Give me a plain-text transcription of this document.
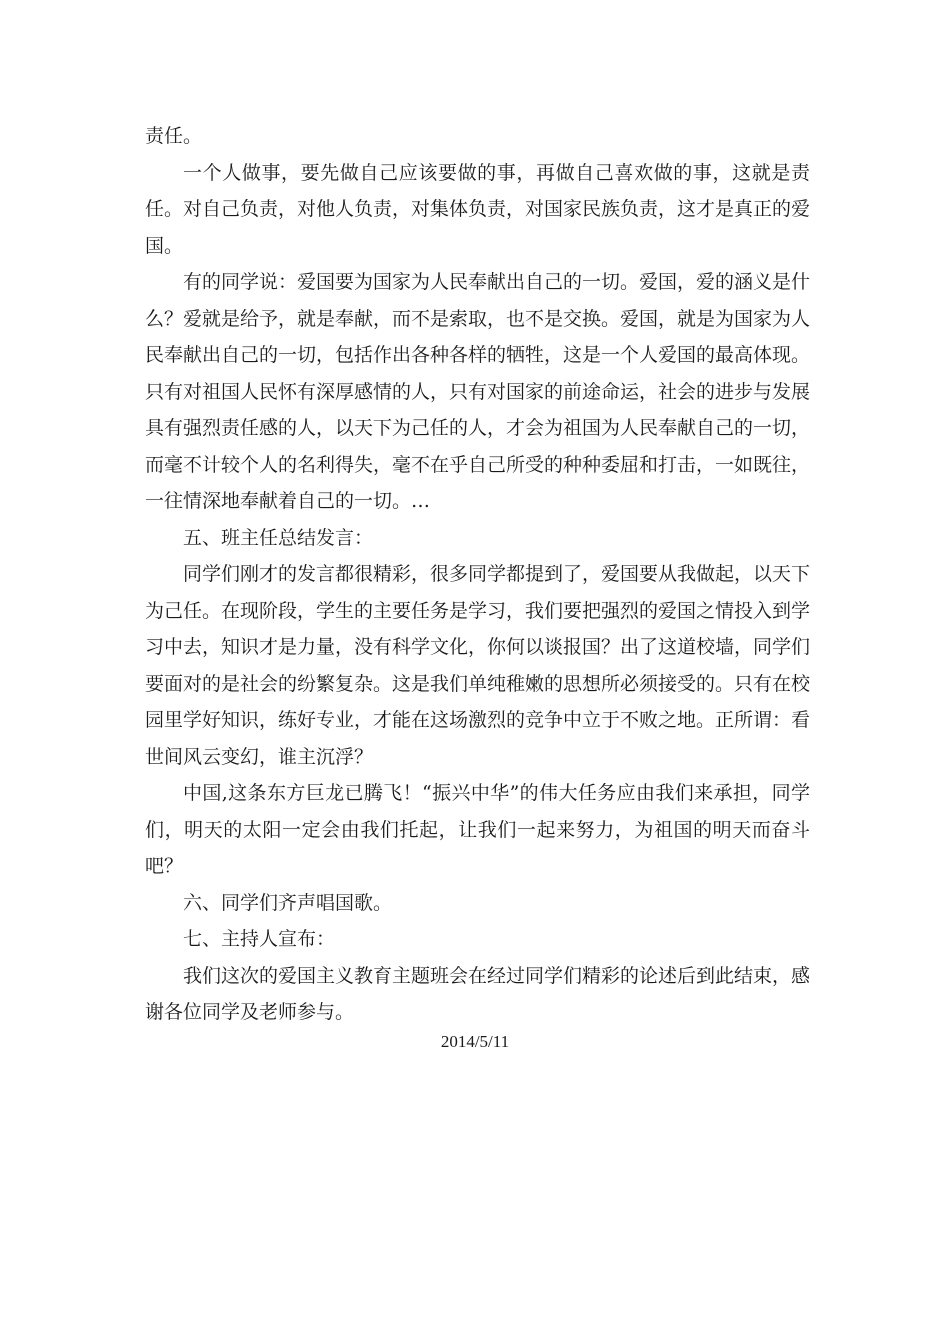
责任。

一个人做事，要先做自己应该要做的事，再做自己喜欢做的事，这就是责任。对自己负责，对他人负责，对集体负责，对国家民族负责，这才是真正的爱国。

有的同学说：爱国要为国家为人民奉献出自己的一切。爱国，爱的涵义是什么？爱就是给予，就是奉献，而不是索取，也不是交换。爱国，就是为国家为人民奉献出自己的一切，包括作出各种各样的牺牲，这是一个人爱国的最高体现。只有对祖国人民怀有深厚感情的人，只有对国家的前途命运，社会的进步与发展具有强烈责任感的人，以天下为己任的人，才会为祖国为人民奉献自己的一切，而毫不计较个人的名利得失，毫不在乎自己所受的种种委屈和打击，一如既往，一往情深地奉献着自己的一切。…

五、班主任总结发言：

同学们刚才的发言都很精彩，很多同学都提到了，爱国要从我做起，以天下为己任。在现阶段，学生的主要任务是学习，我们要把强烈的爱国之情投入到学习中去，知识才是力量，没有科学文化，你何以谈报国？出了这道校墙，同学们要面对的是社会的纷繁复杂。这是我们单纯稚嫩的思想所必须接受的。只有在校园里学好知识，练好专业，才能在这场激烈的竞争中立于不败之地。正所谓：看世间风云变幻，谁主沉浮？

中国,这条东方巨龙已腾飞！“振兴中华”的伟大任务应由我们来承担，同学们，明天的太阳一定会由我们托起，让我们一起来努力，为祖国的明天而奋斗吧？

六、同学们齐声唱国歌。

七、主持人宣布：

我们这次的爱国主义教育主题班会在经过同学们精彩的论述后到此结束，感谢各位同学及老师参与。

2014/5/11
